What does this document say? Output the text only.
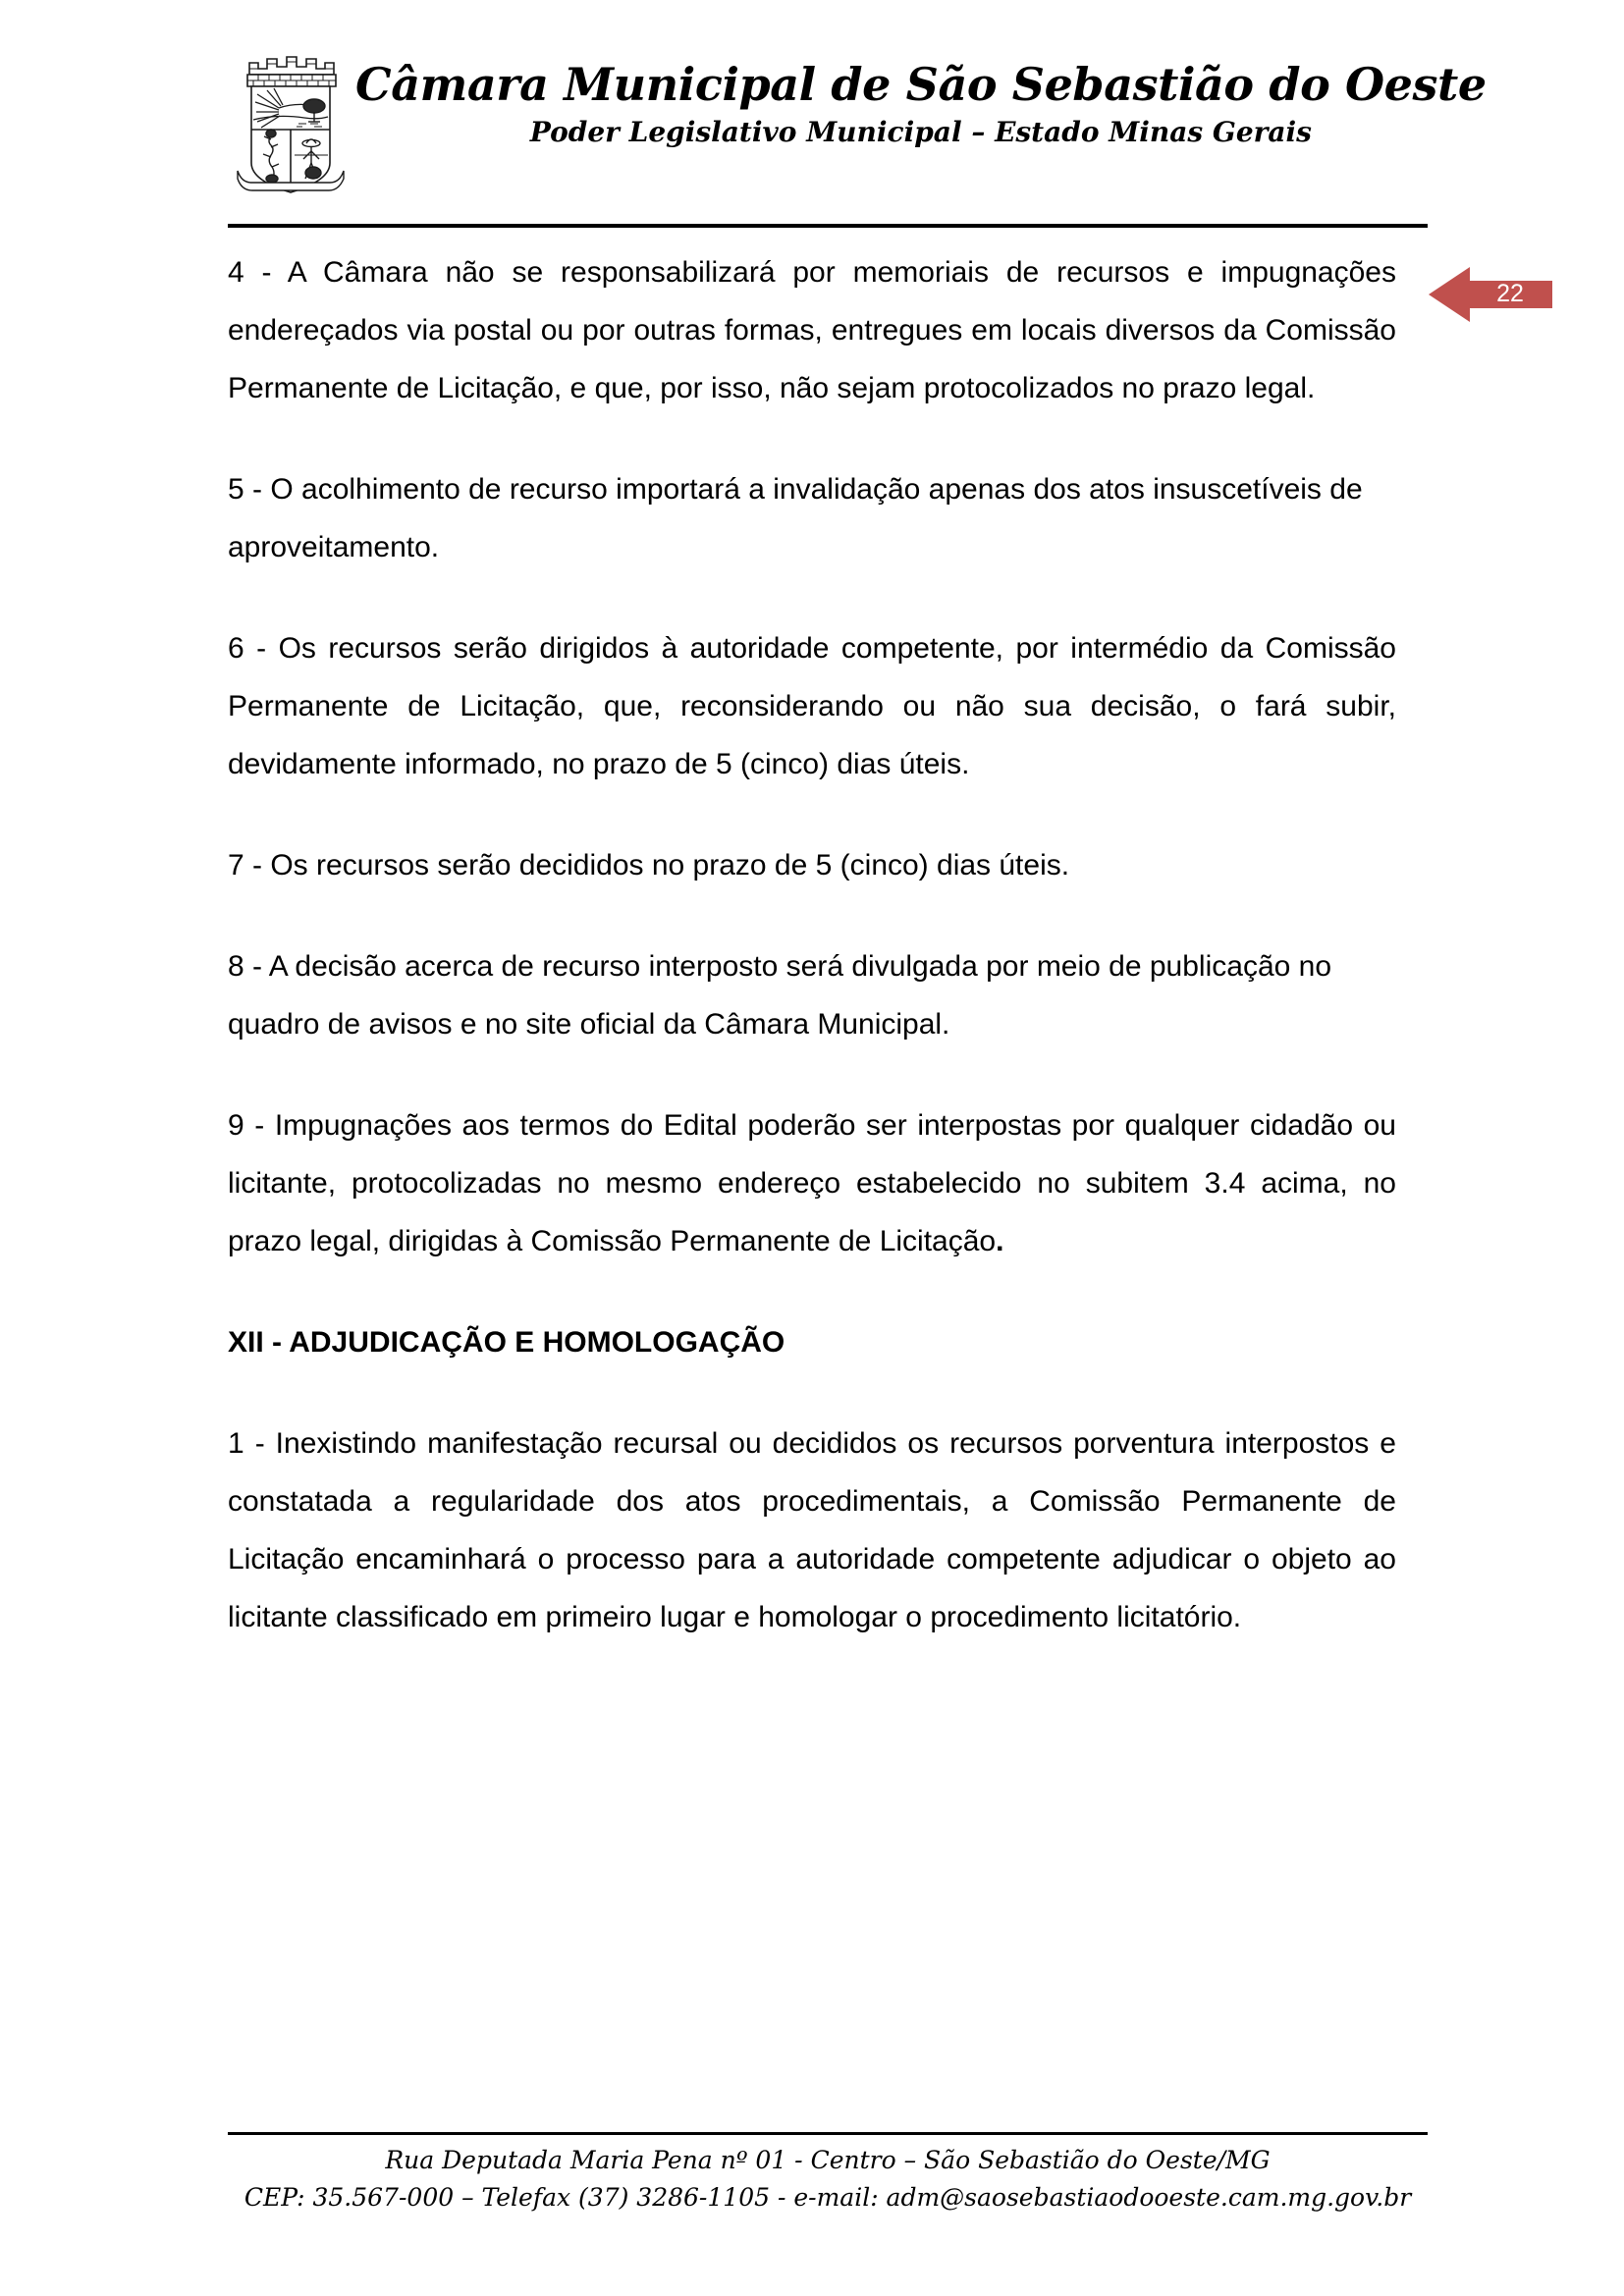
Câmara Municipal de São Sebastião do Oeste
Poder Legislativo Municipal – Estado Minas Gerais
22

4 - A Câmara não se responsabilizará por memoriais de recursos e impugnações endereçados via postal ou por outras formas, entregues em locais diversos da Comissão Permanente de Licitação, e que, por isso, não sejam protocolizados no prazo legal.

5 - O acolhimento de recurso importará a invalidação apenas dos atos insuscetíveis de aproveitamento.

6 - Os recursos serão dirigidos à autoridade competente, por intermédio da Comissão Permanente de Licitação, que, reconsiderando ou não sua decisão, o fará subir, devidamente informado, no prazo de 5 (cinco) dias úteis.

7 - Os recursos serão decididos no prazo de 5 (cinco) dias úteis.

8 - A decisão acerca de recurso interposto será divulgada por meio de publicação no quadro de avisos e no site oficial da Câmara Municipal.

9 - Impugnações aos termos do Edital poderão ser interpostas por qualquer cidadão ou licitante, protocolizadas no mesmo endereço estabelecido no subitem 3.4 acima, no prazo legal, dirigidas à Comissão Permanente de Licitação.

XII - ADJUDICAÇÃO E HOMOLOGAÇÃO

1 - Inexistindo manifestação recursal ou decididos os recursos porventura interpostos e constatada a regularidade dos atos procedimentais, a Comissão Permanente de Licitação encaminhará o processo para a autoridade competente adjudicar o objeto ao licitante classificado em primeiro lugar e homologar o procedimento licitatório.

Rua Deputada Maria Pena nº 01 - Centro – São Sebastião do Oeste/MG
CEP: 35.567-000 – Telefax (37) 3286-1105 - e-mail: adm@saosebastiaodooeste.cam.mg.gov.br
